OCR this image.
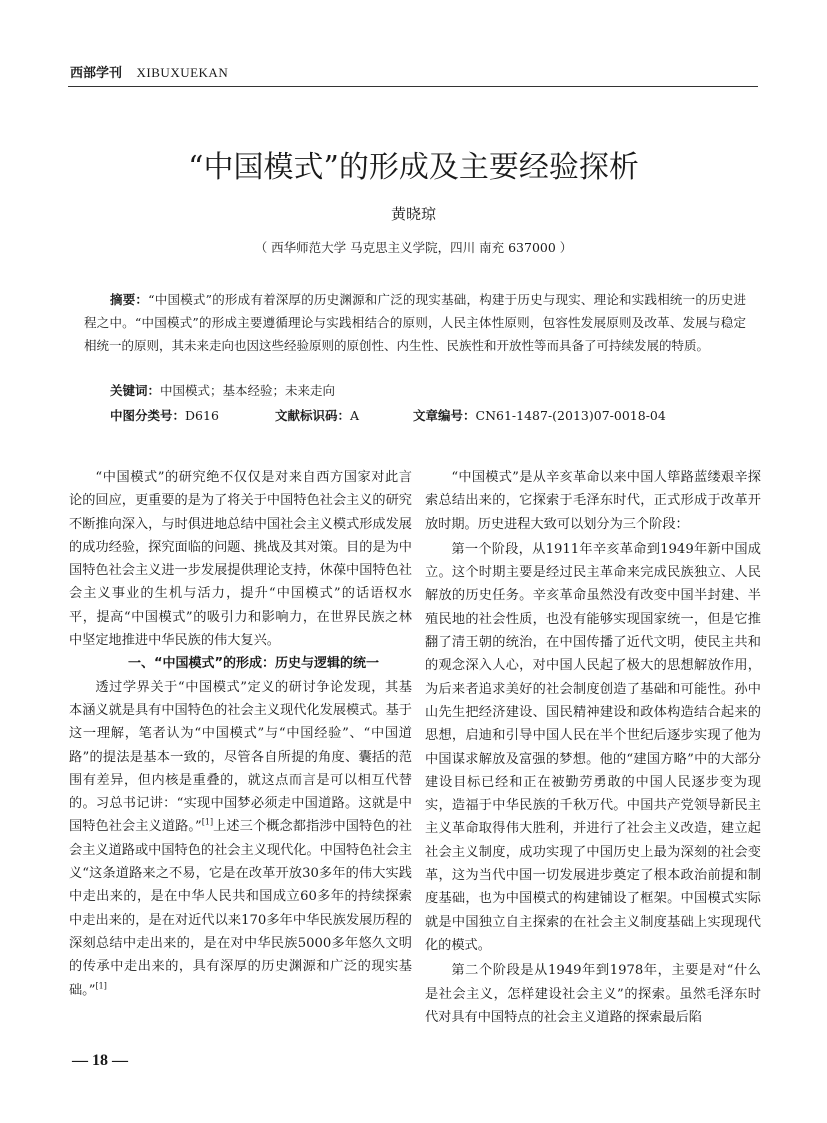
西部学刊 XIBUXUEKAN
“中国模式”的形成及主要经验探析
黄晓琼
（ 西华师范大学 马克思主义学院，四川 南充 637000 ）
摘要：“中国模式”的形成有着深厚的历史渊源和广泛的现实基础，构建于历史与现实、理论和实践相统一的历史进程之中。“中国模式”的形成主要遵循理论与实践相结合的原则，人民主体性原则，包容性发展原则及改革、发展与稳定相统一的原则，其未来走向也因这些经验原则的原创性、内生性、民族性和开放性等而具备了可持续发展的特质。
关键词：中国模式；基本经验；未来走向
中图分类号：D616	文献标识码：A	文章编号：CN61-1487-(2013)07-0018-04

“中国模式”的研究绝不仅仅是对来自西方国家对此言论的回应，更重要的是为了将关于中国特色社会主义的研究不断推向深入，与时俱进地总结中国社会主义模式形成发展的成功经验，探究面临的问题、挑战及其对策。目的是为中国特色社会主义进一步发展提供理论支持，休葆中国特色社会主义事业的生机与活力，提升“中国模式”的话语权水平，提高“中国模式”的吸引力和影响力，在世界民族之林中坚定地推进中华民族的伟大复兴。

一、“中国模式”的形成：历史与逻辑的统一

透过学界关于“中国模式”定义的研讨争论发现，其基本涵义就是具有中国特色的社会主义现代化发展模式。基于这一理解，笔者认为“中国模式”与“中国经验”、“中国道路”的提法是基本一致的，尽管各自所提的角度、囊括的范围有差异，但内核是重叠的，就这点而言是可以相互代替的。习总书记讲：“实现中国梦必须走中国道路。这就是中国特色社会主义道路。”[1]上述三个概念都指涉中国特色的社会主义道路或中国特色的社会主义现代化。中国特色社会主义“这条道路来之不易，它是在改革开放30多年的伟大实践中走出来的，是在中华人民共和国成立60多年的持续探索中走出来的，是在对近代以来170多年中华民族发展历程的深刻总结中走出来的，是在对中华民族5000多年悠久文明的传承中走出来的，具有深厚的历史渊源和广泛的现实基础。”[1]

“中国模式”是从辛亥革命以来中国人筚路蓝缕艰辛探索总结出来的，它探索于毛泽东时代，正式形成于改革开放时期。历史进程大致可以划分为三个阶段：

第一个阶段，从1911年辛亥革命到1949年新中国成立。这个时期主要是经过民主革命来完成民族独立、人民解放的历史任务。辛亥革命虽然没有改变中国半封建、半殖民地的社会性质，也没有能够实现国家统一，但是它推翻了清王朝的统治，在中国传播了近代文明，使民主共和的观念深入人心，对中国人民起了极大的思想解放作用，为后来者追求美好的社会制度创造了基础和可能性。孙中山先生把经济建设、国民精神建设和政体构造结合起来的思想，启迪和引导中国人民在半个世纪后逐步实现了他为中国谋求解放及富强的梦想。他的“建国方略”中的大部分建设目标已经和正在被勤劳勇敢的中国人民逐步变为现实，造福于中华民族的千秋万代。中国共产党领导新民主主义革命取得伟大胜利，并进行了社会主义改造，建立起社会主义制度，成功实现了中国历史上最为深刻的社会变革，这为当代中国一切发展进步奠定了根本政治前提和制度基础，也为中国模式的构建铺设了框架。中国模式实际就是中国独立自主探索的在社会主义制度基础上实现现代化的模式。

第二个阶段是从1949年到1978年，主要是对“什么是社会主义，怎样建设社会主义”的探索。虽然毛泽东时代对具有中国特点的社会主义道路的探索最后陷

— 18 —
